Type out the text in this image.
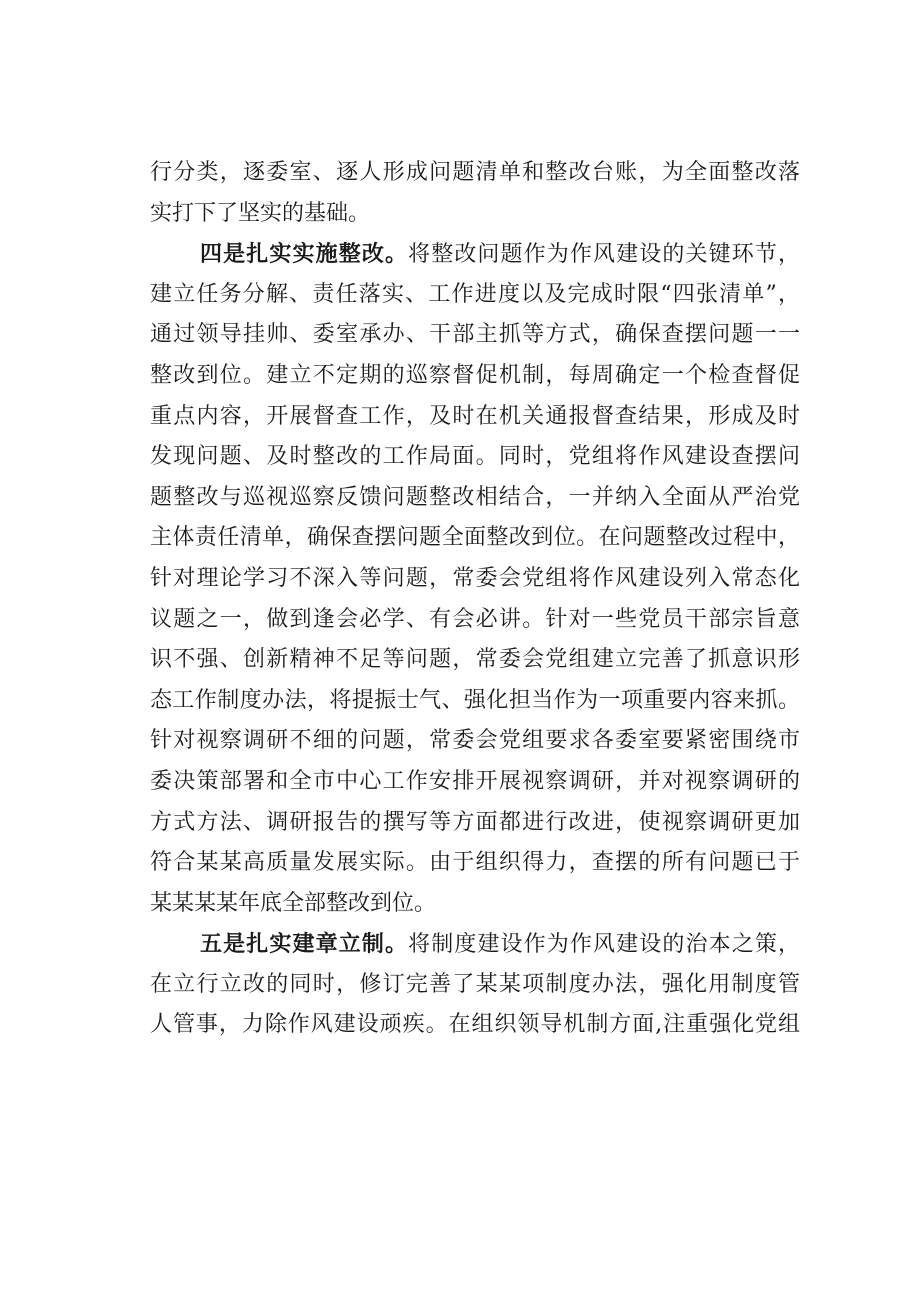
行分类，逐委室、逐人形成问题清单和整改台账，为全面整改落
实打下了坚实的基础。
四是扎实实施整改。将整改问题作为作风建设的关键环节，
建立任务分解、责任落实、工作进度以及完成时限“四张清单”，
通过领导挂帅、委室承办、干部主抓等方式，确保查摆问题一一
整改到位。建立不定期的巡察督促机制，每周确定一个检查督促
重点内容，开展督查工作，及时在机关通报督查结果，形成及时
发现问题、及时整改的工作局面。同时，党组将作风建设查摆问
题整改与巡视巡察反馈问题整改相结合，一并纳入全面从严治党
主体责任清单，确保查摆问题全面整改到位。在问题整改过程中，
针对理论学习不深入等问题，常委会党组将作风建设列入常态化
议题之一，做到逢会必学、有会必讲。针对一些党员干部宗旨意
识不强、创新精神不足等问题，常委会党组建立完善了抓意识形
态工作制度办法，将提振士气、强化担当作为一项重要内容来抓。
针对视察调研不细的问题，常委会党组要求各委室要紧密围绕市
委决策部署和全市中心工作安排开展视察调研，并对视察调研的
方式方法、调研报告的撰写等方面都进行改进，使视察调研更加
符合某某高质量发展实际。由于组织得力，查摆的所有问题已于
某某某某年底全部整改到位。
五是扎实建章立制。将制度建设作为作风建设的治本之策，
在立行立改的同时，修订完善了某某项制度办法，强化用制度管
人管事，力除作风建设顽疾。在组织领导机制方面,注重强化党组
